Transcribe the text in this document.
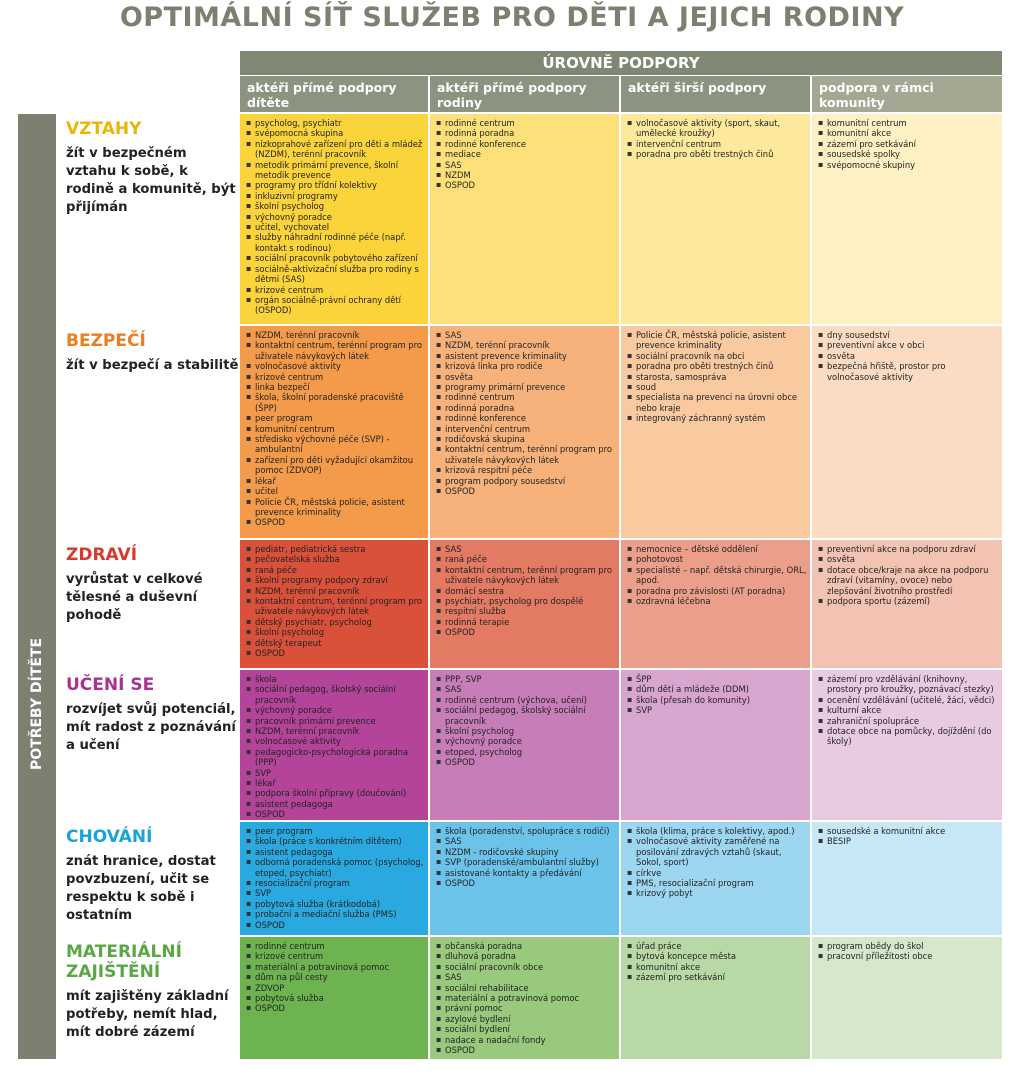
OPTIMÁLNÍ SÍŤ SLUŽEB PRO DĚTI A JEJICH RODINY
ÚROVNĚ PODPORY
aktéři přímé podpory dítěte
aktéři přímé podpory rodiny
aktéři širší podpory	podpora v rámci komunity
POTŘEBY DÍTĚTE
VZTAHY
žít v bezpečném vztahu k sobě, k rodině a komunitě, být přijímán
▪ psycholog, psychiatr
▪ svépomocná skupina
▪ nízkoprahové zařízení pro děti a mládež (NZDM), terénní pracovník
▪ metodik primární prevence, školní metodik prevence
▪ programy pro třídní kolektivy
▪ inkluzivní programy
▪ školní psycholog
▪ výchovný poradce
▪ učitel, vychovatel
▪ služby náhradní rodinné péče (např. kontakt s rodinou)
▪ sociální pracovník pobytového zařízení
▪ sociálně-aktivizační služba pro rodiny s dětmi (SAS)
▪ krizové centrum
▪ orgán sociálně-právní ochrany dětí (OSPOD)
▪ rodinné centrum
▪ rodinná poradna
▪ rodinné konference
▪ mediace
▪ SAS
▪ NZDM
▪ OSPOD
▪ volnočasové aktivity (sport, skaut, umělecké kroužky)
▪ intervenční centrum
▪ poradna pro oběti trestných činů
▪ komunitní centrum
▪ komunitní akce
▪ zázemí pro setkávání
▪ sousedské spolky
▪ svépomocné skupiny
BEZPEČÍ
žít v bezpečí a stabilitě
▪ NZDM, terénní pracovník
▪ kontaktní centrum, terénní program pro uživatele návykových látek
▪ volnočasové aktivity
▪ krizové centrum
▪ linka bezpečí
▪ škola, školní poradenské pracoviště (ŠPP)
▪ peer program
▪ komunitní centrum
▪ středisko výchovné péče (SVP) - ambulantní
▪ zařízení pro děti vyžadující okamžitou pomoc (ZDVOP)
▪ lékař
▪ učitel
▪ Policie ČR, městská policie, asistent prevence kriminality
▪ OSPOD
▪ SAS
▪ NZDM, terénní pracovník
▪ asistent prevence kriminality
▪ krizová linka pro rodiče
▪ osvěta
▪ programy primární prevence
▪ rodinné centrum
▪ rodinná poradna
▪ rodinné konference
▪ intervenční centrum
▪ rodičovská skupina
▪ kontaktní centrum, terénní program pro uživatele návykových látek
▪ krizová respitní péče
▪ program podpory sousedství
▪ OSPOD
▪ Policie ČR, městská policie, asistent prevence kriminality
▪ sociální pracovník na obci
▪ poradna pro oběti trestných činů
▪ starosta, samospráva
▪ soud
▪ specialista na prevenci na úrovni obce nebo kraje
▪ integrovaný záchranný systém
▪ dny sousedství
▪ preventivní akce v obci
▪ osvěta
▪ bezpečná hřiště, prostor pro volnočasové aktivity
ZDRAVÍ
vyrůstat v celkové tělesné a duševní pohodě
▪ pediatr, pediatrická sestra
▪ pečovatelská služba
▪ raná péče
▪ školní programy podpory zdraví
▪ NZDM, terénní pracovník
▪ kontaktní centrum, terénní program pro uživatele návykových látek
▪ dětský psychiatr, psycholog
▪ školní psycholog
▪ dětský terapeut
▪ OSPOD
▪ SAS
▪ raná péče
▪ kontaktní centrum, terénní program pro uživatele návykových látek
▪ domácí sestra
▪ psychiatr, psycholog pro dospělé
▪ respitní služba
▪ rodinná terapie
▪ OSPOD
▪ nemocnice – dětské oddělení
▪ pohotovost
▪ specialisté – např. dětská chirurgie, ORL, apod.
▪ poradna pro závislosti (AT poradna)
▪ ozdravná léčebna
▪ preventivní akce na podporu zdraví
▪ osvěta
▪ dotace obce/kraje na akce na podporu zdraví (vitamíny, ovoce) nebo zlepšování životního prostředí
▪ podpora sportu (zázemí)
UČENÍ SE
rozvíjet svůj potenciál, mít radost z poznávání a učení
▪ škola
▪ sociální pedagog, školský sociální pracovník
▪ výchovný poradce
▪ pracovník primární prevence
▪ NZDM, terénní pracovník
▪ volnočasové aktivity
▪ pedagogicko-psychologická poradna (PPP)
▪ SVP
▪ lékař
▪ podpora školní přípravy (doučování)
▪ asistent pedagoga
▪ OSPOD
▪ PPP, SVP
▪ SAS
▪ rodinné centrum (výchova, učení)
▪ sociální pedagog, školský sociální pracovník
▪ školní psycholog
▪ výchovný poradce
▪ etoped, psycholog
▪ OSPOD
▪ ŠPP
▪ dům dětí a mládeže (DDM)
▪ škola (přesah do komunity)
▪ SVP
▪ zázemí pro vzdělávání (knihovny, prostory pro kroužky, poznávací stezky)
▪ ocenění vzdělávání (učitelé, žáci, vědci)
▪ kulturní akce
▪ zahraniční spolupráce
▪ dotace obce na pomůcky, dojíždění (do školy)
CHOVÁNÍ
znát hranice, dostat povzbuzení, učit se respektu k sobě i ostatním
▪ peer program
▪ škola (práce s konkrétním dítětem)
▪ asistent pedagoga
▪ odborná poradenská pomoc (psycholog, etoped, psychiatr)
▪ resocializační program
▪ SVP
▪ pobytová služba (krátkodobá)
▪ probační a mediační služba (PMS)
▪ OSPOD
▪ škola (poradenství, spolupráce s rodiči)
▪ SAS
▪ NZDM - rodičovské skupiny
▪ SVP (poradenské/ambulantní služby)
▪ asistované kontakty a předávání
▪ OSPOD
▪ škola (klima, práce s kolektivy, apod.)
▪ volnočasové aktivity zaměřené na posilování zdravých vztahů (skaut, Sokol, sport)
▪ církve
▪ PMS, resocializační program
▪ krizový pobyt
▪ sousedské a komunitní akce
▪ BESIP
MATERIÁLNÍ ZAJIŠTĚNÍ
mít zajištěny základní potřeby, nemít hlad, mít dobré zázemí
▪ rodinné centrum
▪ krizové centrum
▪ materiální a potravinová pomoc
▪ dům na půl cesty
▪ ZDVOP
▪ pobytová služba
▪ OSPOD
▪ občanská poradna
▪ dluhová poradna
▪ sociální pracovník obce
▪ SAS
▪ sociální rehabilitace
▪ materiální a potravinová pomoc
▪ právní pomoc
▪ azylové bydlení
▪ sociální bydlení
▪ nadace a nadační fondy
▪ OSPOD
▪ úřad práce
▪ bytová koncepce města
▪ komunitní akce
▪ zázemí pro setkávání
▪ program obědy do škol
▪ pracovní příležitosti obce
